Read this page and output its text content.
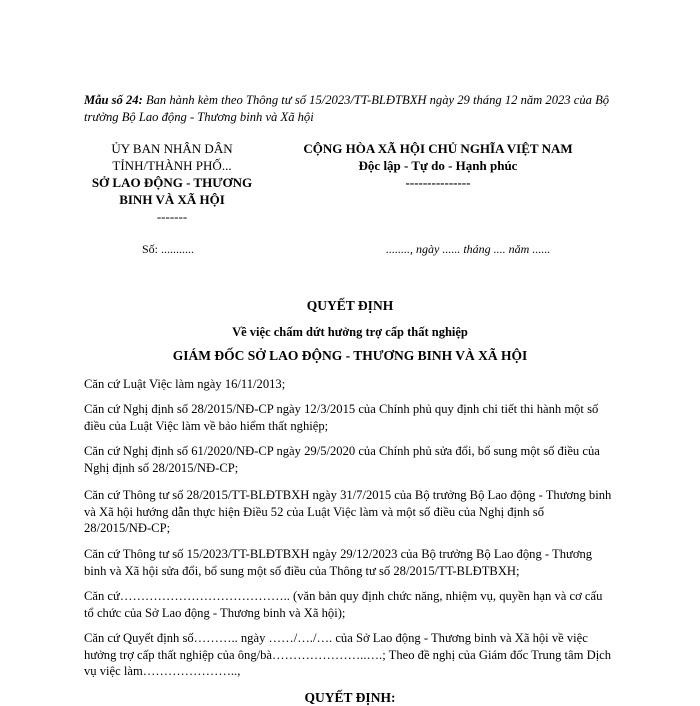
Mẫu số 24: Ban hành kèm theo Thông tư số 15/2023/TT-BLĐTBXH ngày 29 tháng 12 năm 2023 của Bộ trưởng Bộ Lao động - Thương binh và Xã hội
ỦY BAN NHÂN DÂN
TỈNH/THÀNH PHỐ...
SỞ LAO ĐỘNG - THƯƠNG
BINH VÀ XÃ HỘI
-------
CỘNG HÒA XÃ HỘI CHỦ NGHĨA VIỆT NAM
Độc lập - Tự do - Hạnh phúc
---------------
Số: ...........	........, ngày ...... tháng .... năm ......
QUYẾT ĐỊNH
Về việc chấm dứt hưởng trợ cấp thất nghiệp
GIÁM ĐỐC SỞ LAO ĐỘNG - THƯƠNG BINH VÀ XÃ HỘI
Căn cứ Luật Việc làm ngày 16/11/2013;
Căn cứ Nghị định số 28/2015/NĐ-CP ngày 12/3/2015 của Chính phủ quy định chi tiết thi hành một số điều của Luật Việc làm về bảo hiểm thất nghiệp;
Căn cứ Nghị định số 61/2020/NĐ-CP ngày 29/5/2020 của Chính phủ sửa đổi, bổ sung một số điều của Nghị định số 28/2015/NĐ-CP;
Căn cứ Thông tư số 28/2015/TT-BLĐTBXH ngày 31/7/2015 của Bộ trưởng Bộ Lao động - Thương binh và Xã hội hướng dẫn thực hiện Điều 52 của Luật Việc làm và một số điều của Nghị định số 28/2015/NĐ-CP;
Căn cứ Thông tư số 15/2023/TT-BLĐTBXH ngày 29/12/2023 của Bộ trưởng Bộ Lao động - Thương binh và Xã hội sửa đổi, bổ sung một số điều của Thông tư số 28/2015/TT-BLĐTBXH;
Căn cứ………………………………….. (văn bản quy định chức năng, nhiệm vụ, quyền hạn và cơ cấu tổ chức của Sở Lao động - Thương binh và Xã hội);
Căn cứ Quyết định số……….. ngày ……/…./…. của Sở Lao động - Thương binh và Xã hội về việc hưởng trợ cấp thất nghiệp của ông/bà…………………..….; Theo đề nghị của Giám đốc Trung tâm Dịch vụ việc làm…………………..,
QUYẾT ĐỊNH:
